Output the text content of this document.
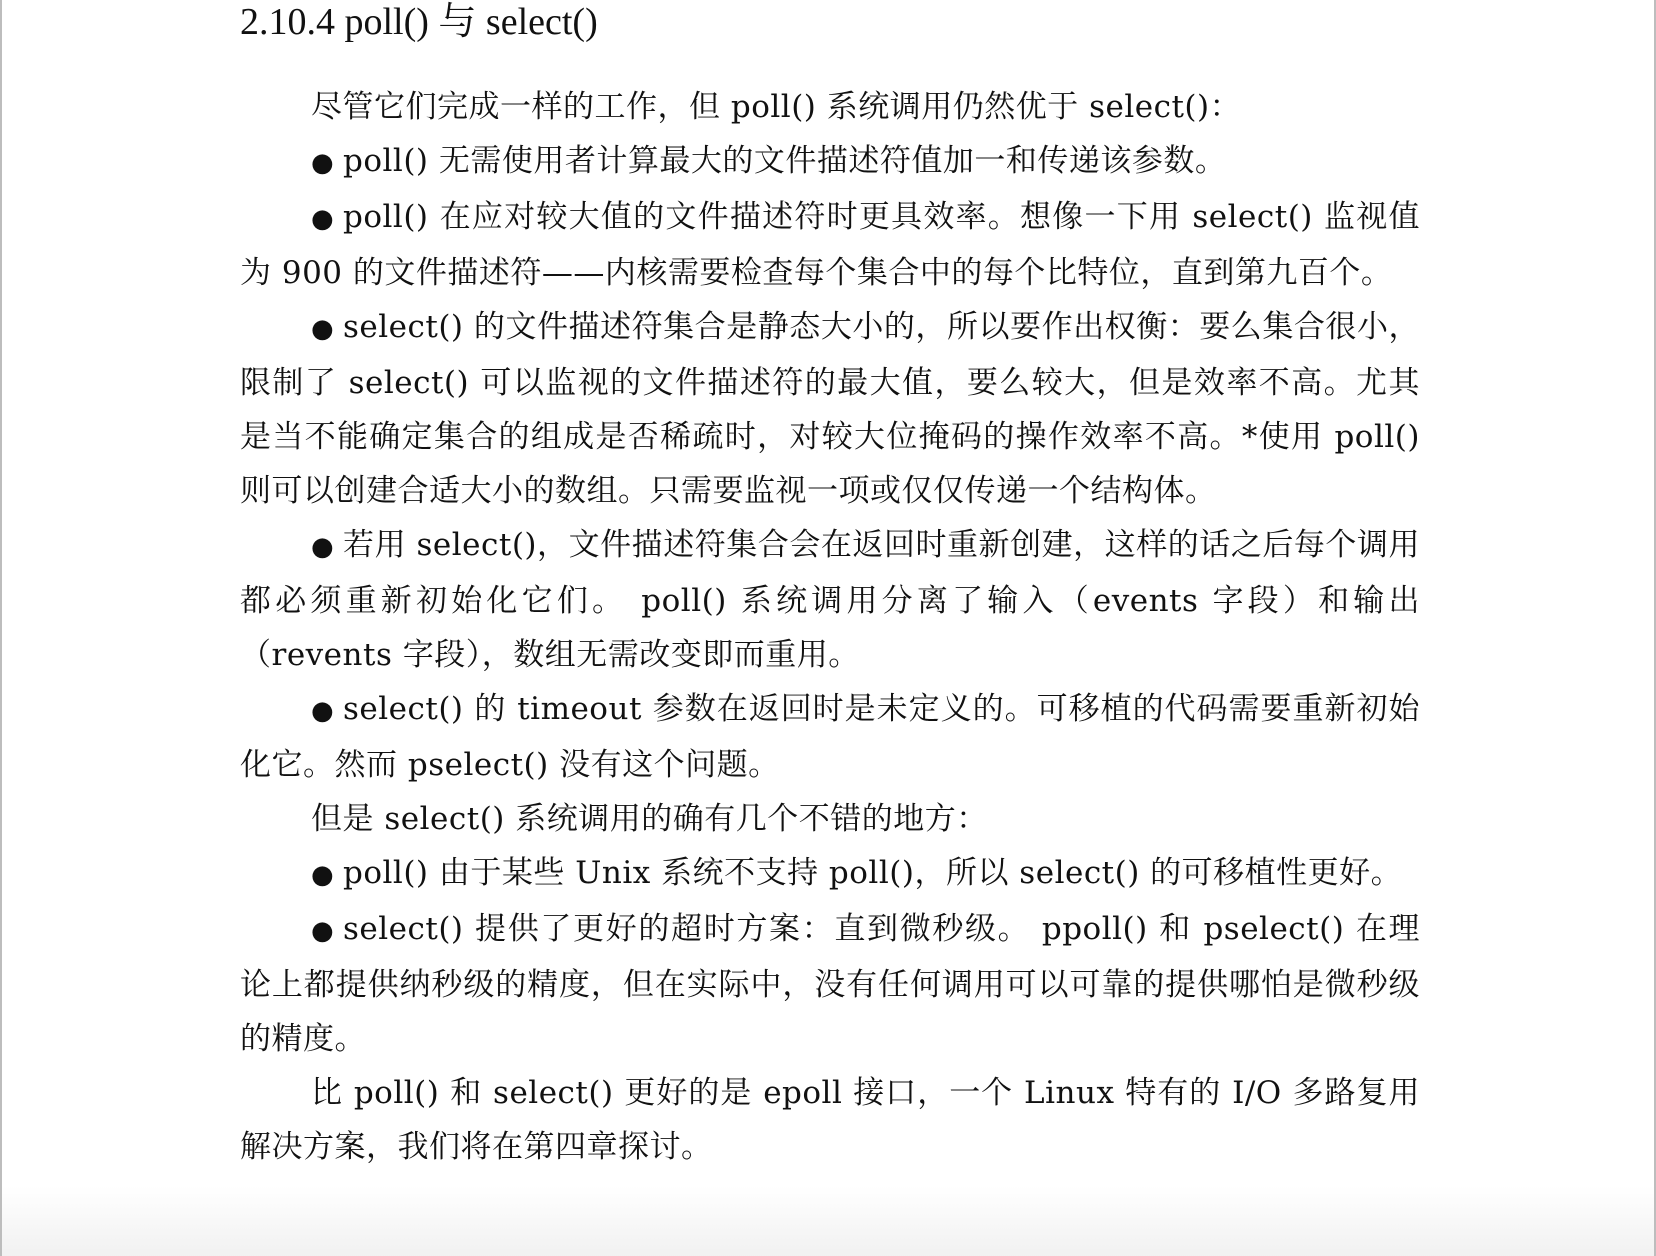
2.10.4 poll() 与 select()

尽管它们完成一样的工作，但 poll() 系统调用仍然优于 select()：

● poll() 无需使用者计算最大的文件描述符值加一和传递该参数。

● poll() 在应对较大值的文件描述符时更具效率。想像一下用 select() 监视值为 900 的文件描述符——内核需要检查每个集合中的每个比特位，直到第九百个。

● select() 的文件描述符集合是静态大小的，所以要作出权衡：要么集合很小，限制了 select() 可以监视的文件描述符的最大值，要么较大，但是效率不高。尤其是当不能确定集合的组成是否稀疏时，对较大位掩码的操作效率不高。*使用 poll() 则可以创建合适大小的数组。只需要监视一项或仅仅传递一个结构体。

● 若用 select()，文件描述符集合会在返回时重新创建，这样的话之后每个调用都必须重新初始化它们。 poll() 系统调用分离了输入（events 字段）和输出（revents 字段），数组无需改变即而重用。

● select() 的 timeout 参数在返回时是未定义的。可移植的代码需要重新初始化它。然而 pselect() 没有这个问题。

但是 select() 系统调用的确有几个不错的地方：

● poll() 由于某些 Unix 系统不支持 poll()，所以 select() 的可移植性更好。

● select() 提供了更好的超时方案：直到微秒级。 ppoll() 和 pselect() 在理论上都提供纳秒级的精度，但在实际中，没有任何调用可以可靠的提供哪怕是微秒级的精度。

比 poll() 和 select() 更好的是 epoll 接口，一个 Linux 特有的 I/O 多路复用解决方案，我们将在第四章探讨。
